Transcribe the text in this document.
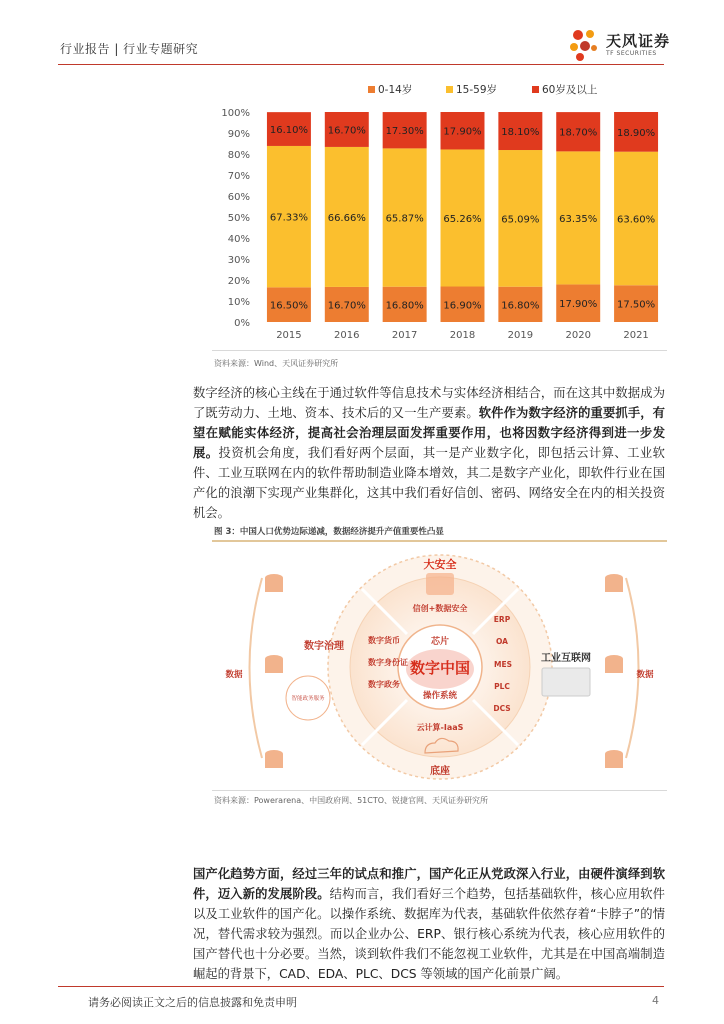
行业报告 | 行业专题研究	天风证券
TF SECURITIES
0-14岁	15-59岁	60岁及以上
0%
10%
20%
30%
40%
50%
60%
70%
80%
90%
100%
16.50%
67.33%
16.10%
2015
16.70%
66.66%
16.70%
2016
16.80%
65.87%
17.30%
2017
16.90%
65.26%
17.90%
2018
16.80%
65.09%
18.10%
2019
17.90%
63.35%
18.70%
2020
17.50%
63.60%
18.90%
2021
资料来源：Wind、天风证券研究所

数字经济的核心主线在于通过软件等信息技术与实体经济相结合，而在这其中数据成为了既劳动力、土地、资本、技术后的又一生产要素。软件作为数字经济的重要抓手，有望在赋能实体经济，提高社会治理层面发挥重要作用，也将因数字经济得到进一步发展。投资机会角度，我们看好两个层面，其一是产业数字化，即包括云计算、工业软件、工业互联网在内的软件帮助制造业降本增效，其二是数字产业化，即软件行业在国产化的浪潮下实现产业集群化，这其中我们看好信创、密码、网络安全在内的相关投资机会。

图 3：中国人口优势边际递减，数据经济提升产值重要性凸显
芯片
数字中国
操作系统
大安全
信创+数据安全
数字治理
数字货币
数字身份证
数字政务
智能政务服务
工业互联网
ERP
OA
MES
PLC
DCS
云计算-IaaS
底座
数据	数据
资料来源：Powerarena、中国政府网、51CTO、锐捷官网、天风证券研究所

国产化趋势方面，经过三年的试点和推广，国产化正从党政深入行业，由硬件演绎到软件，迈入新的发展阶段。结构而言，我们看好三个趋势，包括基础软件，核心应用软件以及工业软件的国产化。以操作系统、数据库为代表，基础软件依然存着“卡脖子”的情况，替代需求较为强烈。而以企业办公、ERP、银行核心系统为代表，核心应用软件的国产替代也十分必要。当然，谈到软件我们不能忽视工业软件，尤其是在中国高端制造崛起的背景下，CAD、EDA、PLC、DCS 等领域的国产化前景广阔。

请务必阅读正文之后的信息披露和免责申明	4
